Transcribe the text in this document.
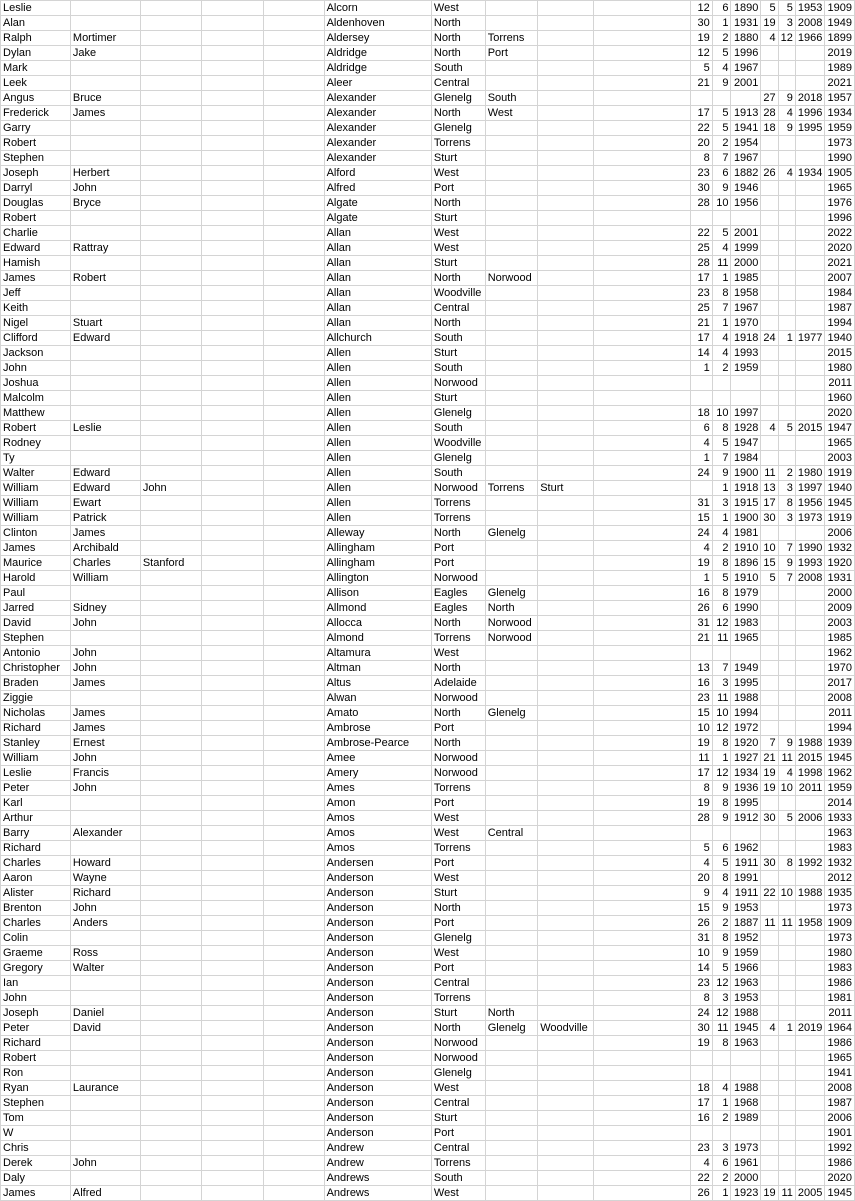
Leslie					Alcorn	West				12	6	1890	5	5	1953	1909
Alan					Aldenhoven	North				30	1	1931	19	3	2008	1949
Ralph	Mortimer				Aldersey	North	Torrens			19	2	1880	4	12	1966	1899
Dylan	Jake				Aldridge	North	Port			12	5	1996				2019
Mark					Aldridge	South				5	4	1967				1989
Leek					Aleer	Central				21	9	2001				2021
Angus	Bruce				Alexander	Glenelg	South						27	9	2018	1957
Frederick	James				Alexander	North	West			17	5	1913	28	4	1996	1934
Garry					Alexander	Glenelg				22	5	1941	18	9	1995	1959
Robert					Alexander	Torrens				20	2	1954				1973
Stephen					Alexander	Sturt				8	7	1967				1990
Joseph	Herbert				Alford	West				23	6	1882	26	4	1934	1905
Darryl	John				Alfred	Port				30	9	1946				1965
Douglas	Bryce				Algate	North				28	10	1956				1976
Robert					Algate	Sturt										1996
Charlie					Allan	West				22	5	2001				2022
Edward	Rattray				Allan	West				25	4	1999				2020
Hamish					Allan	Sturt				28	11	2000				2021
James	Robert				Allan	North	Norwood			17	1	1985				2007
Jeff					Allan	Woodville				23	8	1958				1984
Keith					Allan	Central				25	7	1967				1987
Nigel	Stuart				Allan	North				21	1	1970				1994
Clifford	Edward				Allchurch	South				17	4	1918	24	1	1977	1940
Jackson					Allen	Sturt				14	4	1993				2015
John					Allen	South				1	2	1959				1980
Joshua					Allen	Norwood										2011
Malcolm					Allen	Sturt										1960
Matthew					Allen	Glenelg				18	10	1997				2020
Robert	Leslie				Allen	South				6	8	1928	4	5	2015	1947
Rodney					Allen	Woodville				4	5	1947				1965
Ty					Allen	Glenelg				1	7	1984				2003
Walter	Edward				Allen	South				24	9	1900	11	2	1980	1919
William	Edward	John			Allen	Norwood	Torrens	Sturt			1	1918	13	3	1997	1940
William	Ewart				Allen	Torrens				31	3	1915	17	8	1956	1945
William	Patrick				Allen	Torrens				15	1	1900	30	3	1973	1919
Clinton	James				Alleway	North	Glenelg			24	4	1981				2006
James	Archibald				Allingham	Port				4	2	1910	10	7	1990	1932
Maurice	Charles	Stanford			Allingham	Port				19	8	1896	15	9	1993	1920
Harold	William				Allington	Norwood				1	5	1910	5	7	2008	1931
Paul					Allison	Eagles	Glenelg			16	8	1979				2000
Jarred	Sidney				Allmond	Eagles	North			26	6	1990				2009
David	John				Allocca	North	Norwood			31	12	1983				2003
Stephen					Almond	Torrens	Norwood			21	11	1965				1985
Antonio	John				Altamura	West										1962
Christopher	John				Altman	North				13	7	1949				1970
Braden	James				Altus	Adelaide				16	3	1995				2017
Ziggie					Alwan	Norwood				23	11	1988				2008
Nicholas	James				Amato	North	Glenelg			15	10	1994				2011
Richard	James				Ambrose	Port				10	12	1972				1994
Stanley	Ernest				Ambrose-Pearce	North				19	8	1920	7	9	1988	1939
William	John				Amee	Norwood				11	1	1927	21	11	2015	1945
Leslie	Francis				Amery	Norwood				17	12	1934	19	4	1998	1962
Peter	John				Ames	Torrens				8	9	1936	19	10	2011	1959
Karl					Amon	Port				19	8	1995				2014
Arthur					Amos	West				28	9	1912	30	5	2006	1933
Barry	Alexander				Amos	West	Central									1963
Richard					Amos	Torrens				5	6	1962				1983
Charles	Howard				Andersen	Port				4	5	1911	30	8	1992	1932
Aaron	Wayne				Anderson	West				20	8	1991				2012
Alister	Richard				Anderson	Sturt				9	4	1911	22	10	1988	1935
Brenton	John				Anderson	North				15	9	1953				1973
Charles	Anders				Anderson	Port				26	2	1887	11	11	1958	1909
Colin					Anderson	Glenelg				31	8	1952				1973
Graeme	Ross				Anderson	West				10	9	1959				1980
Gregory	Walter				Anderson	Port				14	5	1966				1983
Ian					Anderson	Central				23	12	1963				1986
John					Anderson	Torrens				8	3	1953				1981
Joseph	Daniel				Anderson	Sturt	North			24	12	1988				2011
Peter	David				Anderson	North	Glenelg	Woodville		30	11	1945	4	1	2019	1964
Richard					Anderson	Norwood				19	8	1963				1986
Robert					Anderson	Norwood										1965
Ron					Anderson	Glenelg										1941
Ryan	Laurance				Anderson	West				18	4	1988				2008
Stephen					Anderson	Central				17	1	1968				1987
Tom					Anderson	Sturt				16	2	1989				2006
W					Anderson	Port										1901
Chris					Andrew	Central				23	3	1973				1992
Derek	John				Andrew	Torrens				4	6	1961				1986
Daly					Andrews	South				22	2	2000				2020
James	Alfred				Andrews	West				26	1	1923	19	11	2005	1945
